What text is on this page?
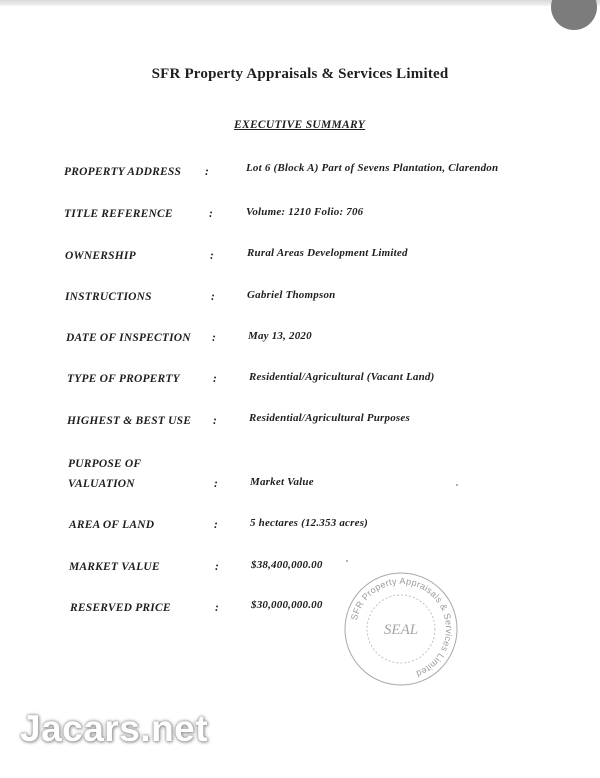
SFR Property Appraisals & Services Limited
EXECUTIVE SUMMARY
PROPERTY ADDRESS :	Lot 6 (Block A) Part of Sevens Plantation, Clarendon
TITLE REFERENCE	:	Volume: 1210 Folio: 706
OWNERSHIP	:	Rural Areas Development Limited
INSTRUCTIONS	:	Gabriel Thompson
DATE OF INSPECTION :	May 13, 2020
TYPE OF PROPERTY	:	Residential/Agricultural (Vacant Land)
HIGHEST & BEST USE :	Residential/Agricultural Purposes
PURPOSE OF
VALUATION	:	Market Value
AREA OF LAND	:	5 hectares (12.353 acres)
MARKET VALUE	:	$38,400,000.00
RESERVED PRICE	:	$30,000,000.00
SFR Property Appraisals & Services Limited
SEAL
Jacars.net
